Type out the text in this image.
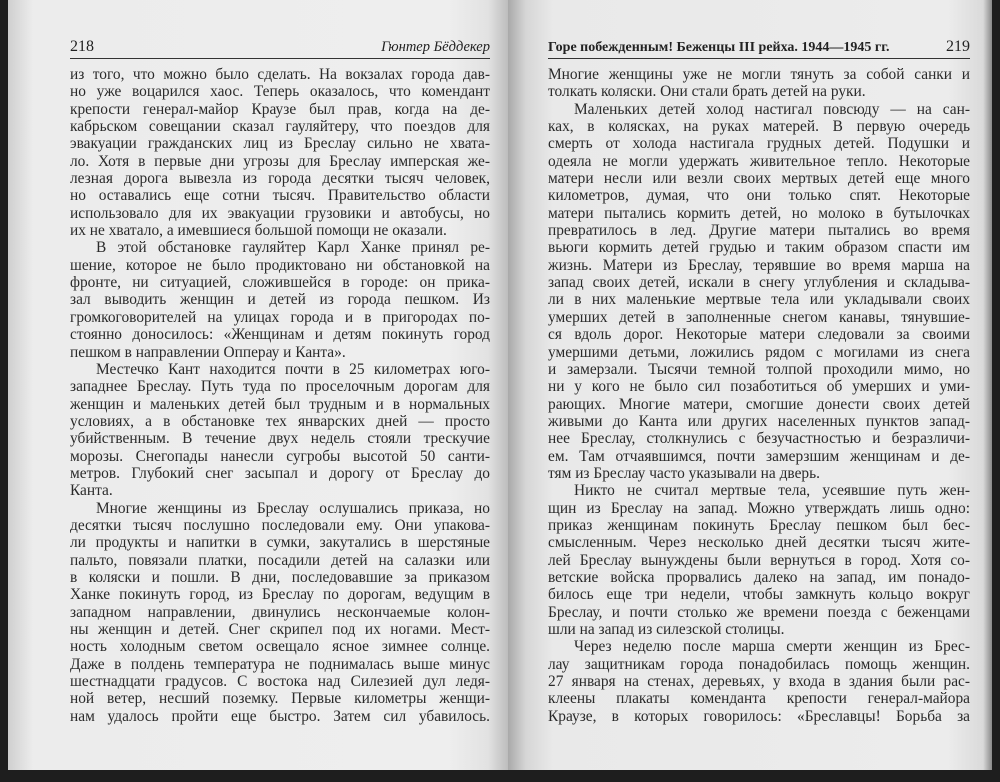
218	Гюнтер Бёддекер
из того, что можно было сделать. На вокзалах города дав-
но уже воцарился хаос. Теперь оказалось, что комендант
крепости генерал-майор Краузе был прав, когда на де-
кабрьском совещании сказал гауляйтеру, что поездов для
эвакуации гражданских лиц из Бреслау сильно не хвата-
ло. Хотя в первые дни угрозы для Бреслау имперская же-
лезная дорога вывезла из города десятки тысяч человек,
но оставались еще сотни тысяч. Правительство области
использовало для их эвакуации грузовики и автобусы, но
их не хватало, а имевшиеся большой помощи не оказали.
В этой обстановке гауляйтер Карл Ханке принял ре-
шение, которое не было продиктовано ни обстановкой на
фронте, ни ситуацией, сложившейся в городе: он прика-
зал выводить женщин и детей из города пешком. Из
громкоговорителей на улицах города и в пригородах по-
стоянно доносилось: «Женщинам и детям покинуть город
пешком в направлении Опперау и Канта».
Местечко Кант находится почти в 25 километрах юго-
западнее Бреслау. Путь туда по проселочным дорогам для
женщин и маленьких детей был трудным и в нормальных
условиях, а в обстановке тех январских дней — просто
убийственным. В течение двух недель стояли трескучие
морозы. Снегопады нанесли сугробы высотой 50 санти-
метров. Глубокий снег засыпал и дорогу от Бреслау до
Канта.
Многие женщины из Бреслау ослушались приказа, но
десятки тысяч послушно последовали ему. Они упакова-
ли продукты и напитки в сумки, закутались в шерстяные
пальто, повязали платки, посадили детей на салазки или
в коляски и пошли. В дни, последовавшие за приказом
Ханке покинуть город, из Бреслау по дорогам, ведущим в
западном направлении, двинулись нескончаемые колон-
ны женщин и детей. Снег скрипел под их ногами. Мест-
ность холодным светом освещало ясное зимнее солнце.
Даже в полдень температура не поднималась выше минус
шестнадцати градусов. С востока над Силезией дул ледя-
ной ветер, несший поземку. Первые километры женщи-
нам удалось пройти еще быстро. Затем сил убавилось.
Горе побежденным! Беженцы III рейха. 1944—1945 гг.	219
Многие женщины уже не могли тянуть за собой санки и
толкать коляски. Они стали брать детей на руки.
Маленьких детей холод настигал повсюду — на сан-
ках, в колясках, на руках матерей. В первую очередь
смерть от холода настигала грудных детей. Подушки и
одеяла не могли удержать живительное тепло. Некоторые
матери несли или везли своих мертвых детей еще много
километров, думая, что они только спят. Некоторые
матери пытались кормить детей, но молоко в бутылочках
превратилось в лед. Другие матери пытались во время
вьюги кормить детей грудью и таким образом спасти им
жизнь. Матери из Бреслау, терявшие во время марша на
запад своих детей, искали в снегу углубления и складыва-
ли в них маленькие мертвые тела или укладывали своих
умерших детей в заполненные снегом канавы, тянувшие-
ся вдоль дорог. Некоторые матери следовали за своими
умершими детьми, ложились рядом с могилами из снега
и замерзали. Тысячи темной толпой проходили мимо, но
ни у кого не было сил позаботиться об умерших и уми-
рающих. Многие матери, смогшие донести своих детей
живыми до Канта или других населенных пунктов запад-
нее Бреслау, столкнулись с безучастностью и безразличи-
ем. Там отчаявшимся, почти замерзшим женщинам и де-
тям из Бреслау часто указывали на дверь.
Никто не считал мертвые тела, усеявшие путь жен-
щин из Бреслау на запад. Можно утверждать лишь одно:
приказ женщинам покинуть Бреслау пешком был бес-
смысленным. Через несколько дней десятки тысяч жите-
лей Бреслау вынуждены были вернуться в город. Хотя со-
ветские войска прорвались далеко на запад, им понадо-
билось еще три недели, чтобы замкнуть кольцо вокруг
Бреслау, и почти столько же времени поезда с беженцами
шли на запад из силезской столицы.
Через неделю после марша смерти женщин из Брес-
лау защитникам города понадобилась помощь женщин.
27 января на стенах, деревьях, у входа в здания были рас-
клеены плакаты коменданта крепости генерал-майора
Краузе, в которых говорилось: «Бреславцы! Борьба за
